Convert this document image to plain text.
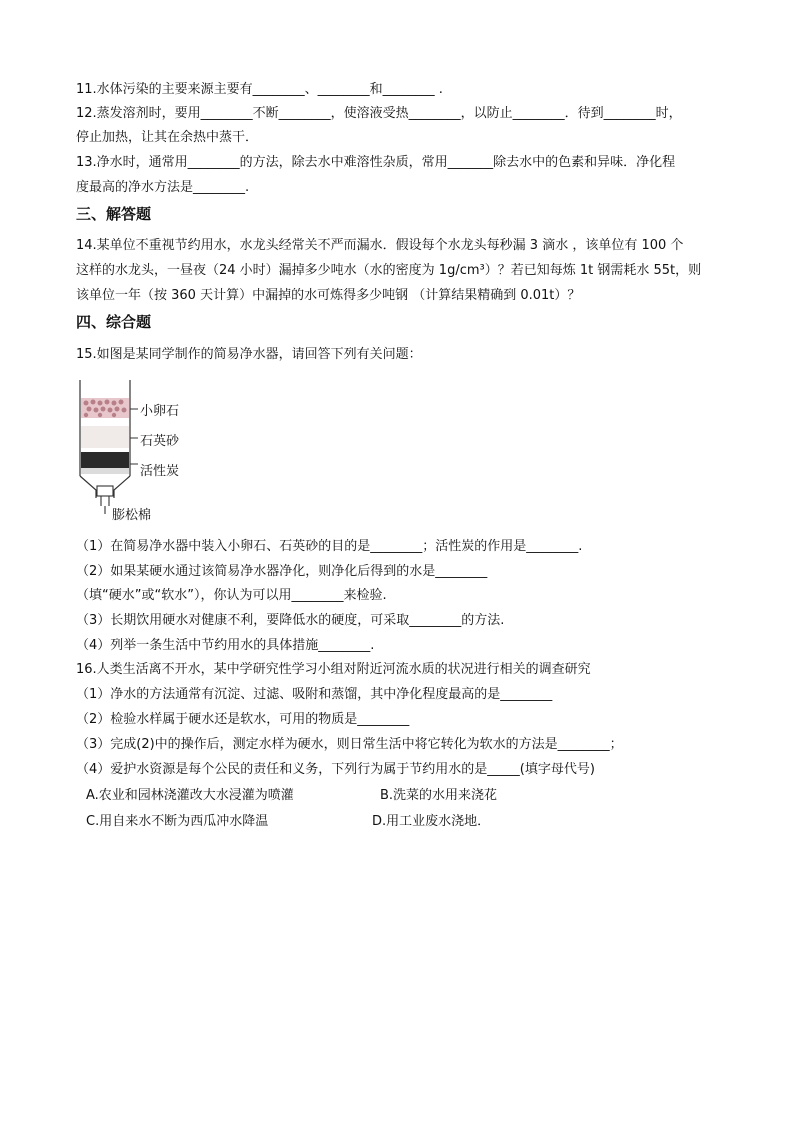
11.水体污染的主要来源主要有________、________和________ .
12.蒸发溶剂时，要用________不断________，使溶液受热________，以防止________．待到________时，
停止加热，让其在余热中蒸干．
13.净水时，通常用________的方法，除去水中难溶性杂质，常用_______除去水中的色素和异味．净化程
度最高的净水方法是________.
三、解答题
14.某单位不重视节约用水，水龙头经常关不严而漏水．假设每个水龙头每秒漏 3 滴水 ，该单位有 100 个
这样的水龙头，一昼夜（24 小时）漏掉多少吨水（水的密度为 1g/cm³）？若已知每炼 1t 钢需耗水 55t，则
该单位一年（按 360 天计算）中漏掉的水可炼得多少吨钢 （计算结果精确到 0.01t）？
四、综合题
15.如图是某同学制作的简易净水器，请回答下列有关问题：
小卵石
石英砂
活性炭
膨松棉
（1）在简易净水器中装入小卵石、石英砂的目的是________；活性炭的作用是________.
（2）如果某硬水通过该简易净水器净化，则净化后得到的水是________
（填“硬水”或“软水”），你认为可以用________来检验.
（3）长期饮用硬水对健康不利，要降低水的硬度，可采取________的方法.
（4）列举一条生活中节约用水的具体措施________.
16.人类生活离不开水，某中学研究性学习小组对附近河流水质的状况进行相关的调查研究
（1）净水的方法通常有沉淀、过滤、吸附和蒸馏，其中净化程度最高的是________
（2）检验水样属于硬水还是软水，可用的物质是________
（3）完成(2)中的操作后，测定水样为硬水，则日常生活中将它转化为软水的方法是________；
（4）爱护水资源是每个公民的责任和义务，下列行为属于节约用水的是_____(填字母代号)
A.农业和园林浇灌改大水浸灌为喷灌	B.洗菜的水用来浇花
C.用自来水不断为西瓜冲水降温	D.用工业废水浇地．
